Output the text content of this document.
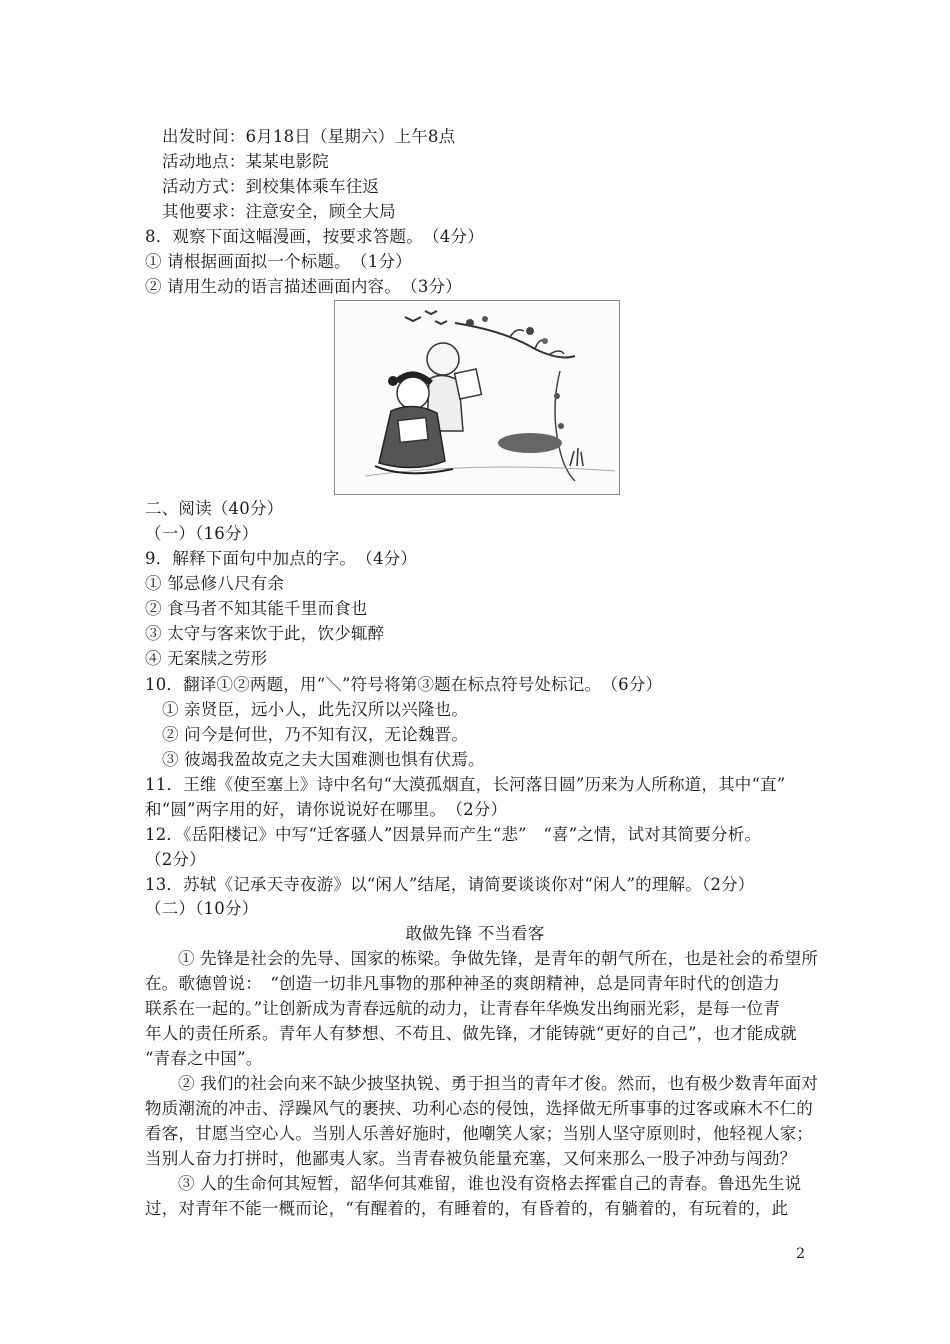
出发时间：6月18日（星期六）上午8点
活动地点：某某电影院
活动方式：到校集体乘车往返
其他要求：注意安全，顾全大局
8．观察下面这幅漫画，按要求答题。　（4分）
① 请根据画面拟一个标题。　（1分）
② 请用生动的语言描述画面内容。　（3分）
二、阅读（40分）
（一）（16分）
9．解释下面句中加点的字。　（4分）
① 邹忌修八尺有余
② 食马者不知其能千里而食也
③ 太守与客来饮于此，饮少辄醉
④ 无案牍之劳形
10．翻译①②两题，用“＼”符号将第③题在标点符号处标记。　（6分）
① 亲贤臣，远小人，此先汉所以兴隆也。
② 问今是何世，乃不知有汉，无论魏晋。
③ 彼竭我盈故克之夫大国难测也惧有伏焉。
11．王维《使至塞上》诗中名句“大漠孤烟直，长河落日圆”历来为人所称道，其中“直”
和“圆”两字用的好，请你说说好在哪里。　（2分）
12．《岳阳楼记》中写“迁客骚人”因景异而产生“悲”　“喜”之情，试对其简要分析。
（2分）
13．苏轼《记承天寺夜游》以“闲人”结尾，请简要谈谈你对“闲人”的理解。（2分）
（二）（10分）
敢做先锋 不当看客
① 先锋是社会的先导、国家的栋梁。争做先锋，是青年的朝气所在，也是社会的希望所
在。歌德曾说：　“创造一切非凡事物的那种神圣的爽朗精神，总是同青年时代的创造力
联系在一起的。”让创新成为青春远航的动力，让青春年华焕发出绚丽光彩，是每一位青
年人的责任所系。青年人有梦想、不苟且、做先锋，才能铸就“更好的自己”，也才能成就
“青春之中国”。
② 我们的社会向来不缺少披坚执锐、勇于担当的青年才俊。然而，也有极少数青年面对
物质潮流的冲击、浮躁风气的裹挟、功利心态的侵蚀，选择做无所事事的过客或麻木不仁的
看客，甘愿当空心人。当别人乐善好施时，他嘲笑人家；当别人坚守原则时，他轻视人家；
当别人奋力打拼时，他鄙夷人家。当青春被负能量充塞，又何来那么一股子冲劲与闯劲？
③ 人的生命何其短暂，韶华何其难留，谁也没有资格去挥霍自己的青春。鲁迅先生说
过，对青年不能一概而论，“有醒着的，有睡着的，有昏着的，有躺着的，有玩着的，此
2
